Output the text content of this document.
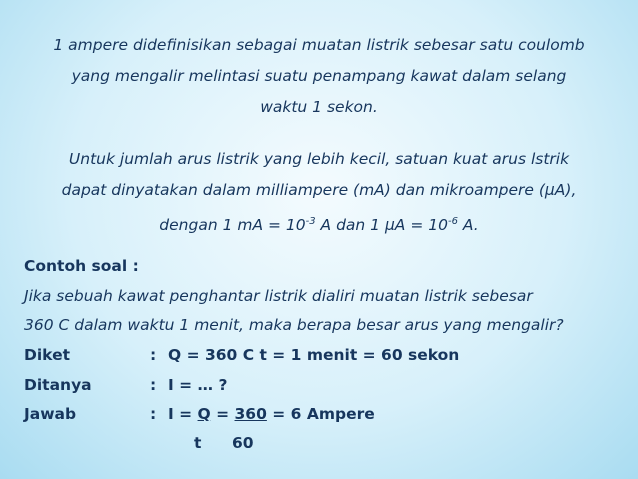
1 ampere didefinisikan sebagai muatan listrik sebesar satu coulomb
yang mengalir melintasi suatu penampang kawat dalam selang
waktu 1 sekon.
Untuk jumlah arus listrik yang lebih kecil, satuan kuat arus lstrik
dapat dinyatakan dalam milliampere (mA) dan mikroampere (μA),
dengan 1 mA = $10^{-3}$ A dan 1 $\mu A = 10^{-6}$ A.
Contoh soal :
Jika sebuah kawat penghantar listrik dialiri muatan listrik sebesar
360 C dalam waktu 1 menit, maka berapa besar arus yang mengalir?
Diket	: Q = 360 C t = 1 menit = 60 sekon
Ditanya	: I = … ?
Jawab	: I = Q = 360 = 6 Ampere
t 60
